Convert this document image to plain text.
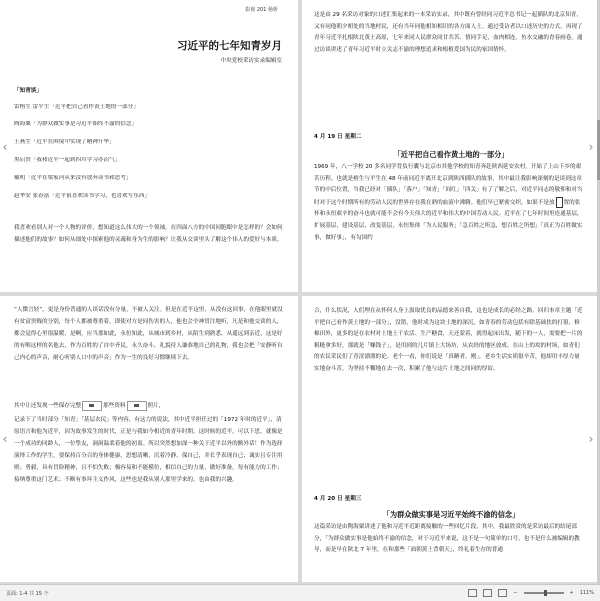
影视 201 杨妍
习近平的七年知青岁月
中央党校采访实录编辑室
「知青谈」
雷榕生 雷平生「近平把自己看作黄土地的一部分」
陶海粟「为群众做实事是习近平始终不渝的信念」
王燕生「近平在困境中实现了精神升华」
黑启贵「我和近平一起到四川学习办沼气」
戴明「近平在梁家河从来没有放弃读书和思考」
赵华安 张春富「近平很喜欢读书学习，也喜欢写东西」
我喜欢看别人对一个人物的评价，想知道这么伟大的一个领袖，在四面八方的中国同胞眼中是怎样的？会如何描述他们的故事？如何从细处中探索他的灵魂和身为生的影响？让我从交谈里头了解这个伟人的爱好与本质。
这是由 29 名采访对象的口述汇集起来的一本采访实录，其中既有曾经同习近平总书记一起插队的北京知青，又有同他朝夕相处的当地村民，还有当年同他相知相识的各方面人士。通过受访者以口述历史的方式，再现了青年习近平扎根陕北黄土高原，七年来同人民群众同甘共苦、情同手足，血肉相连，鱼水交融的青春画卷。通过访谈讲述了青年习近平时立关志不渝的理想追求和根植爱国为民的家国情怀。
4 月 19 日 星期二
「近平把自己看作黄土地的一部分」
1969 年，八一学校 20 多名同学背负行囊与北京市其他学校的知青奔赴陕西延安农村，开始了上山下乡的艰苦历程。也就是榕生与平生在 48 年前同近平离开北京到陕西插队的故事，其中最让我影响深刻的是谈到这章节的中后位置，当我已经对「插队」「落户」「知青」「间红」「四关」有了了解之后，对近平同志的敬仰和对当时对于这个时期所有的劳动人民的世界存在我在熟的血液中沸腾。他们早已紧密交织，如果不是放 置的张怀和永恒艰辛的奋斗也就可能不会有今天伟大的近平和伟大的中国劳动人民。近平在了七年时间里连通基层，扩展基层，建设基层，改变基层，永恒集体「为人民服务」「急百姓之所急，想百姓之所想」「真正为百姓做实事，做好事」，有勾国约
“人微言轻”，更是身份普通的人谈话没有分量，不被人关注。但是在近平这里，从没有这回事，在他眼里就没有贫富贵贱的分别，每个人都被尊重着，即使对方是同伤害的人，他也会全神贯注地听，凡是和他交谈的人，都会觉得心里很温暖，是啊，应当那如此，永恒知此，从城市到乡村，从陌生到熟悉，从遥远到亲近，这是好的有唯这样的名他去，作为百姓的了自中齐民，永久奋斗，礼貌待人谦恭地自己的礼物，我也会把「安静听自己内心的声音，耐心听别人口中的声音」作为一生的良好习惯继续下去。
其中让还发现一些保存完整	那些资料	照片，
记录下了当时部分「知青」「基层农民」等内容，有这力的说法，其中近平担任过的「1972 年时的近平」，清原语言和他为近平，因为故事发生的时代，正是与我如今相近的青年时期。这时候的近平，可以下思，就像是一个成功的同龄人，一位挚友，洞洞温柔着他的初衷。所以突然想加深一种关于近平以外的额外话！作为选择演绎工作的学生，要保持百分百的身体健康，思想清晰，沉着冷静，保自己，并长乎表现自己；诚实且专注用则；勇毅，具有冒险精神，且不怕失败；极容易和不能模仿，相信自己的力量，做好准备，每有能力的工作；接纳尊重这门艺术；不断有事坏主义作风，这些也是我从别人那里学来的，也由我的兴趣。
合，什么状况，人们埋在从怀何人身上汲取优良的品德来善自我，这也是成长的必经之路。回归本章主题「近平把自己看作黄土地的一部分」，没错，他时成为这块土地的深沉，如青春的劳动包括有除基础扶的打很、修棉田外，更多的是在农村对土地上干农活、生产糖食，天还蒙着，就得起床出发，随下的一人，需要把一片的粗糙拿多好，那就是「赚钱子」，是用到的几片镇上大场坊，从农经的地区放成，在山上的攻的村场，如青们的农民采民们了青涩漂漂的论。老个一看，你们说是「真糖者，刚」，老乡生活实质很辛苦，他却用丰厚力量实地奋斗苦，为坚持不懈地在去一次，积累了他与这片土地之间同的厚谊。
4 月 20 日 星期三
「为群众做实事是习近平始终不渝的信念」
这篇采访是由陶海粟讲述了他和习近平近距离接触的一些回忆片段，其中，我最欣赏的是采访最后的结尾部分，「为群众做实事是他始终不渝的信念，对于习近平来说，这不是一句简单的口号，也不是什么被编辑的教导，而是早在陕北 7 年里，在和那些「面朝黄土背朝天」，终礼着生存的普通
‹	›
‹	›
页面: 1-4 共 15 个	−	+ 111%
